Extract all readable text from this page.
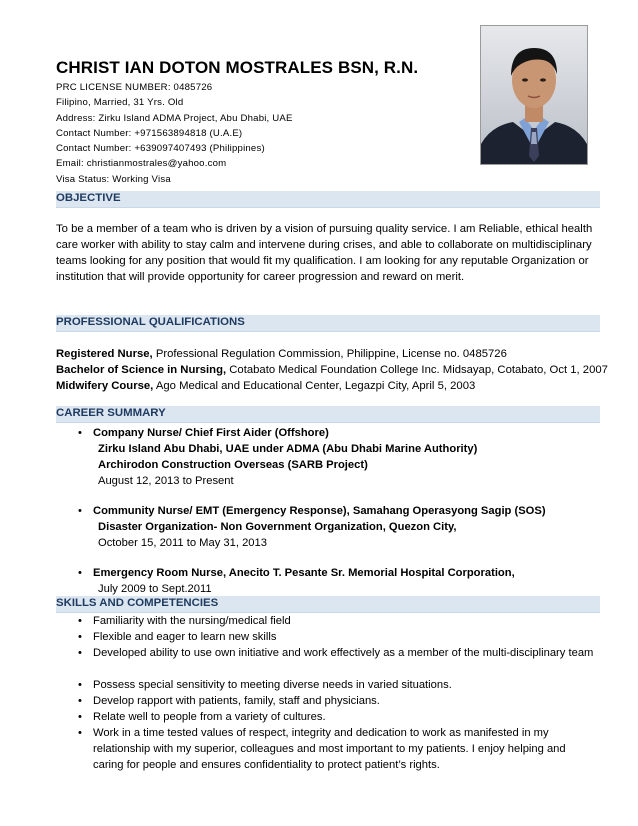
CHRIST IAN DOTON MOSTRALES BSN, R.N.
PRC LICENSE NUMBER: 0485726
Filipino, Married, 31 Yrs. Old
Address: Zirku Island ADMA Project, Abu Dhabi, UAE
Contact Number: +971563894818 (U.A.E)
Contact Number: +639097407493 (Philippines)
Email: christianmostrales@yahoo.com
Visa Status: Working Visa
OBJECTIVE
To be a member of a team who is driven by a vision of pursuing quality service. I am Reliable, ethical health care worker with ability to stay calm and intervene during crises, and able to collaborate on multidisciplinary teams looking for any position that would fit my qualification. I am looking for any reputable Organization or institution that will provide opportunity for career progression and reward on merit.
PROFESSIONAL QUALIFICATIONS
Registered Nurse, Professional Regulation Commission, Philippine, License no. 0485726
Bachelor of Science in Nursing, Cotabato Medical Foundation College Inc. Midsayap, Cotabato, Oct 1, 2007
Midwifery Course, Ago Medical and Educational Center, Legazpi City, April 5, 2003
CAREER SUMMARY
• Company Nurse/ Chief First Aider (Offshore)
Zirku Island Abu Dhabi, UAE under ADMA (Abu Dhabi Marine Authority)
Archirodon Construction Overseas (SARB Project)
August 12, 2013 to Present
• Community Nurse/ EMT (Emergency Response), Samahang Operasyong Sagip (SOS)
Disaster Organization- Non Government Organization, Quezon City,
October 15, 2011 to May 31, 2013
• Emergency Room Nurse, Anecito T. Pesante Sr. Memorial Hospital Corporation,
July 2009 to Sept.2011
SKILLS AND COMPETENCIES
• Familiarity with the nursing/medical field
• Flexible and eager to learn new skills
• Developed ability to use own initiative and work effectively as a member of the multi-disciplinary team
• Possess special sensitivity to meeting diverse needs in varied situations.
• Develop rapport with patients, family, staff and physicians.
• Relate well to people from a variety of cultures.
• Work in a time tested values of respect, integrity and dedication to work as manifested in my relationship with my superior, colleagues and most important to my patients. I enjoy helping and caring for people and ensures confidentiality to protect patient’s rights.
